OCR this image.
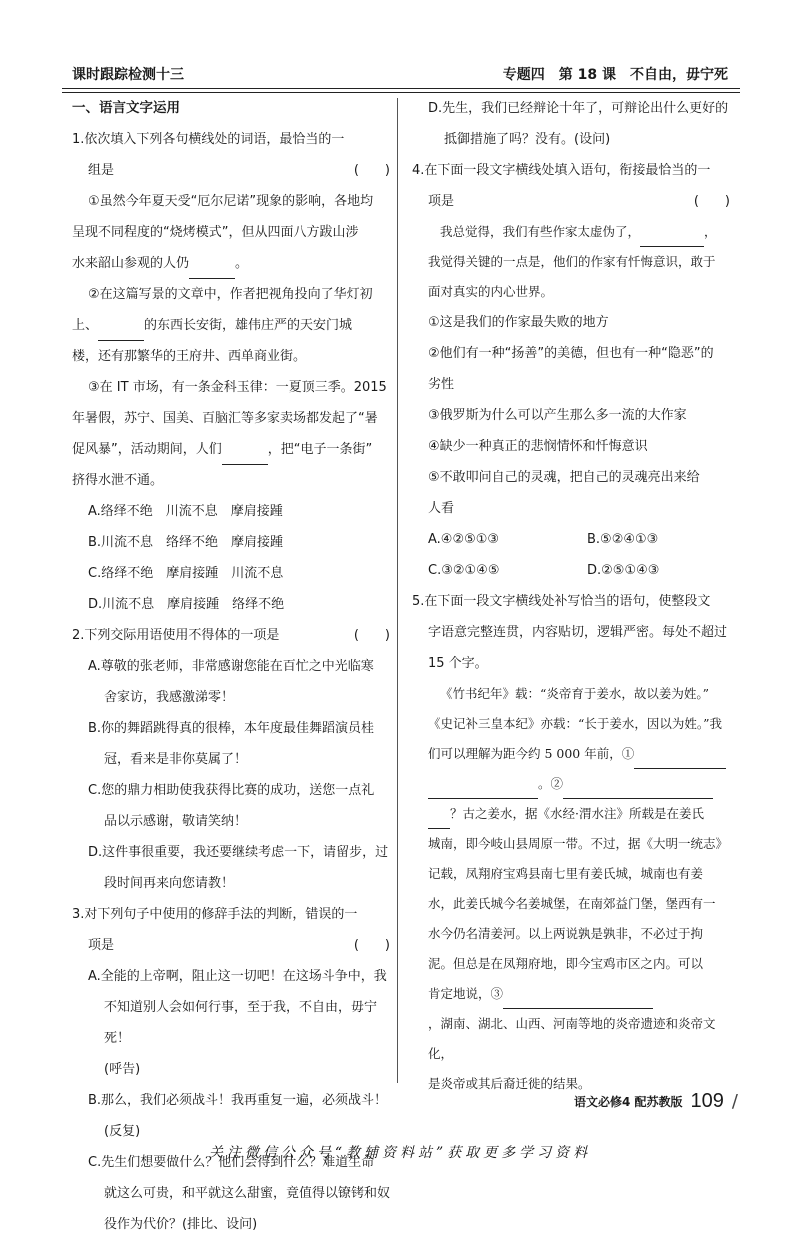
课时跟踪检测十三	专题四　第 18 课　不自由，毋宁死

一、语言文字运用

1.依次填入下列各句横线处的词语，最恰当的一

组是	(　　)

①虽然今年夏天受“厄尔尼诺”现象的影响，各地均

呈现不同程度的“烧烤模式”，但从四面八方跋山涉

水来韶山参观的人仍	。

②在这篇写景的文章中，作者把视角投向了华灯初

上、	的东西长安街，雄伟庄严的天安门城

楼，还有那繁华的王府井、西单商业街。

③在 IT 市场，有一条金科玉律：一夏顶三季。2015

年暑假，苏宁、国美、百脑汇等多家卖场都发起了“暑

促风暴”，活动期间，人们	，把“电子一条街”

挤得水泄不通。

A.络绎不绝　川流不息　摩肩接踵

B.川流不息　络绎不绝　摩肩接踵

C.络绎不绝　摩肩接踵　川流不息

D.川流不息　摩肩接踵　络绎不绝

2.下列交际用语使用不得体的一项是	(　　)

A.尊敬的张老师，非常感谢您能在百忙之中光临寒

舍家访，我感激涕零！

B.你的舞蹈跳得真的很棒，本年度最佳舞蹈演员桂

冠，看来是非你莫属了！

C.您的鼎力相助使我获得比赛的成功，送您一点礼

品以示感谢，敬请笑纳！

D.这件事很重要，我还要继续考虑一下，请留步，过

段时间再来向您请教！

3.对下列句子中使用的修辞手法的判断，错误的一

项是	(　　)

A.全能的上帝啊，阻止这一切吧！在这场斗争中，我

不知道别人会如何行事，至于我，不自由，毋宁死！

(呼告)

B.那么，我们必须战斗！我再重复一遍，必须战斗！

(反复)

C.先生们想要做什么？他们会得到什么？难道生命

就这么可贵，和平就这么甜蜜，竟值得以镣铐和奴

役作为代价？(排比、设问)

D.先生，我们已经辩论十年了，可辩论出什么更好的

抵御措施了吗？没有。(设问)

4.在下面一段文字横线处填入语句，衔接最恰当的一

项是	(　　)

我总觉得，我们有些作家太虚伪了，	，

我觉得关键的一点是，他们的作家有忏悔意识，敢于

面对真实的内心世界。

①这是我们的作家最失败的地方

②他们有一种“扬善”的美德，但也有一种“隐恶”的

劣性

③俄罗斯为什么可以产生那么多一流的大作家

④缺少一种真正的悲悯情怀和忏悔意识

⑤不敢叩问自己的灵魂，把自己的灵魂亮出来给

人看

A.④②⑤①③	B.⑤②④①③
C.③②①④⑤	D.②⑤①④③

5.在下面一段文字横线处补写恰当的语句，使整段文

字语意完整连贯，内容贴切，逻辑严密。每处不超过

15 个字。

《竹书纪年》载：“炎帝育于姜水，故以姜为姓。”

《史记补三皇本纪》亦载：“长于姜水，因以为姓。”我

们可以理解为距今约 5 000 年前，①

。②

？古之姜水，据《水经·渭水注》所载是在姜氏

城南，即今岐山县周原一带。不过，据《大明一统志》

记载，凤翔府宝鸡县南七里有姜氏城，城南也有姜

水，此姜氏城今名姜城堡，在南郊益门堡，堡西有一

水今仍名清姜河。以上两说孰是孰非，不必过于拘

泥。但总是在凤翔府地，即今宝鸡市区之内。可以

肯定地说，③

，湖南、湖北、山西、河南等地的炎帝遗迹和炎帝文化，

是炎帝或其后裔迁徙的结果。

语文必修4 配苏教版 109 /
关注微信公众号“教辅资料站”获取更多学习资料
